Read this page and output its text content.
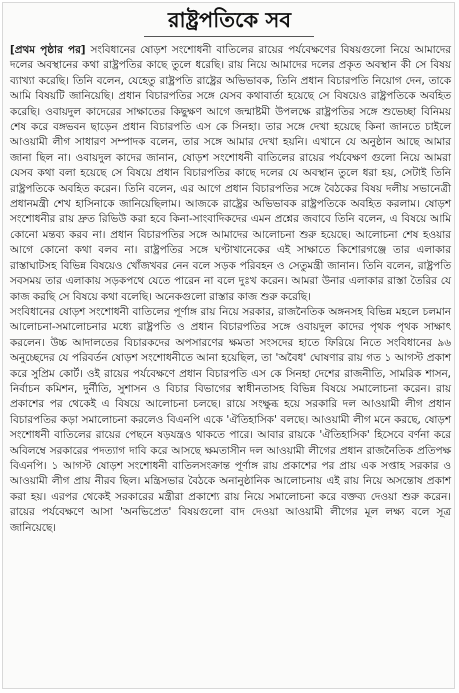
রাষ্ট্রপতিকে সব

[প্রথম পৃষ্ঠার পর] সংবিধানের ষোড়শ সংশোধনী বাতিলের রায়ের পর্যবেক্ষণের বিষয়গুলো নিয়ে আমাদের দলের অবস্থানের কথা রাষ্ট্রপতির কাছে তুলে ধরেছি। রায় নিয়ে আমাদের দলের প্রকৃত অবস্থান কী সে বিষয় ব্যাখ্যা করেছি। তিনি বলেন, যেহেতু রাষ্ট্রপতি রাষ্ট্রের অভিভাবক, তিনি প্রধান বিচারপতি নিয়োগ দেন, তাকে আমি বিষয়টি জানিয়েছি। প্রধান বিচারপতির সঙ্গে যেসব কথাবার্তা হয়েছে সে বিষয়েও রাষ্ট্রপতিকে অবহিত করেছি। ওবায়দুল কাদেরের সাক্ষাতের কিছুক্ষণ আগে জন্মাষ্টমী উপলক্ষে রাষ্ট্রপতির সঙ্গে শুভেচ্ছা বিনিময় শেষ করে বঙ্গভবন ছাড়েন প্রধান বিচারপতি এস কে সিনহা। তার সঙ্গে দেখা হয়েছে কিনা জানতে চাইলে আওয়ামী লীগ সাধারণ সম্পাদক বলেন, তার সঙ্গে আমার দেখা হয়নি। এখানে যে অনুষ্ঠান আছে আমার জানা ছিল না। ওবায়দুল কাদের জানান, ষোড়শ সংশোধনী বাতিলের রায়ের পর্যবেক্ষণ গুলো নিয়ে আমরা যেসব কথা বলা হয়েছে সে বিষয়ে প্রধান বিচারপতির কাছে দলের যে অবস্থান তুলে ধরা হয়, সেটাই তিনি রাষ্ট্রপতিকে অবহিত করেন। তিনি বলেন, এর আগে প্রধান বিচারপতির সঙ্গে বৈঠকের বিষয় দলীয় সভানেত্রী প্রধানমন্ত্রী শেখ হাসিনাকে জানিয়েছিলাম। আজকে রাষ্ট্রের অভিভাবক রাষ্ট্রপতিকে অবহিত করলাম। ষোড়শ সংশোধনীর রায় দ্রুত রিভিউ করা হবে কিনা-সাংবাদিকদের এমন প্রশ্নের জবাবে তিনি বলেন, এ বিষয়ে আমি কোনো মন্তব্য করব না। প্রধান বিচারপতির সঙ্গে আমাদের আলোচনা শুরু হয়েছে। আলোচনা শেষ হওয়ার আগে কোনো কথা বলব না। রাষ্ট্রপতির সঙ্গে ঘণ্টাখানেকের এই সাক্ষাতে কিশোরগঞ্জে তার এলাকার রাস্তাঘাটসহ বিভিন্ন বিষয়েও খোঁজখবর নেন বলে সড়ক পরিবহন ও সেতুমন্ত্রী জানান। তিনি বলেন, রাষ্ট্রপতি সবসময় তার এলাকায় সড়কপথে যেতে পারেন না বলে দুঃখ করেন। আমরা উনার এলাকার রাস্তা তৈরির যে কাজ করছি সে বিষয়ে কথা বলেছি। অনেকগুলো রাস্তার কাজ শুরু করেছি।

সংবিধানের ষোড়শ সংশোধনী বাতিলের পূর্ণাঙ্গ রায় নিয়ে সরকার, রাজনৈতিক অঙ্গনসহ বিভিন্ন মহলে চলমান আলোচনা-সমালোচনার মধ্যে রাষ্ট্রপতি ও প্রধান বিচারপতির সঙ্গে ওবায়দুল কাদের পৃথক পৃথক সাক্ষাৎ করলেন। উচ্চ আদালতের বিচারকদের অপসারণের ক্ষমতা সংসদের হাতে ফিরিয়ে নিতে সংবিধানের ৯৬ অনুচ্ছেদের যে পরিবর্তন ষোড়শ সংশোধনীতে আনা হয়েছিল, তা 'অবৈধ' ঘোষণার রায় গত ১ আগস্ট প্রকাশ করে সুপ্রিম কোর্ট। ওই রায়ের পর্যবেক্ষণে প্রধান বিচারপতি এস কে সিনহা দেশের রাজনীতি, সামরিক শাসন, নির্বাচন কমিশন, দুর্নীতি, সুশাসন ও বিচার বিভাগের স্বাধীনতাসহ বিভিন্ন বিষয়ে সমালোচনা করেন। রায় প্রকাশের পর থেকেই এ বিষয়ে আলোচনা চলছে। রায়ে সংক্ষুব্ধ হয়ে সরকারি দল আওয়ামী লীগ প্রধান বিচারপতির কড়া সমালোচনা করলেও বিএনপি একে 'ঐতিহাসিক' বলছে। আওয়ামী লীগ মনে করছে, ষোড়শ সংশোধনী বাতিলের রায়ের পেছনে ষড়যন্ত্রও থাকতে পারে। আবার রায়কে 'ঐতিহাসিক' হিসেবে বর্ণনা করে অবিলম্বে সরকারের পদত্যাগ দাবি করে আসছে ক্ষমতাসীন দল আওয়ামী লীগের প্রধান রাজনৈতিক প্রতিপক্ষ বিএনপি। ১ আগস্ট ষোড়শ সংশোধনী বাতিলসংক্রান্ত পূর্ণাঙ্গ রায় প্রকাশের পর প্রায় এক সপ্তাহ সরকার ও আওয়ামী লীগ প্রায় নীরব ছিল। মন্ত্রিসভার বৈঠকে অনানুষ্ঠানিক আলোচনায় এই রায় নিয়ে অসন্তোষ প্রকাশ করা হয়। এরপর থেকেই সরকারের মন্ত্রীরা প্রকাশ্যে রায় নিয়ে সমালোচনা করে বক্তব্য দেওয়া শুরু করেন। রায়ের পর্যবেক্ষণে আসা 'অনভিপ্রেত' বিষয়গুলো বাদ দেওয়া আওয়ামী লীগের মূল লক্ষ্য বলে সূত্র জানিয়েছে।
